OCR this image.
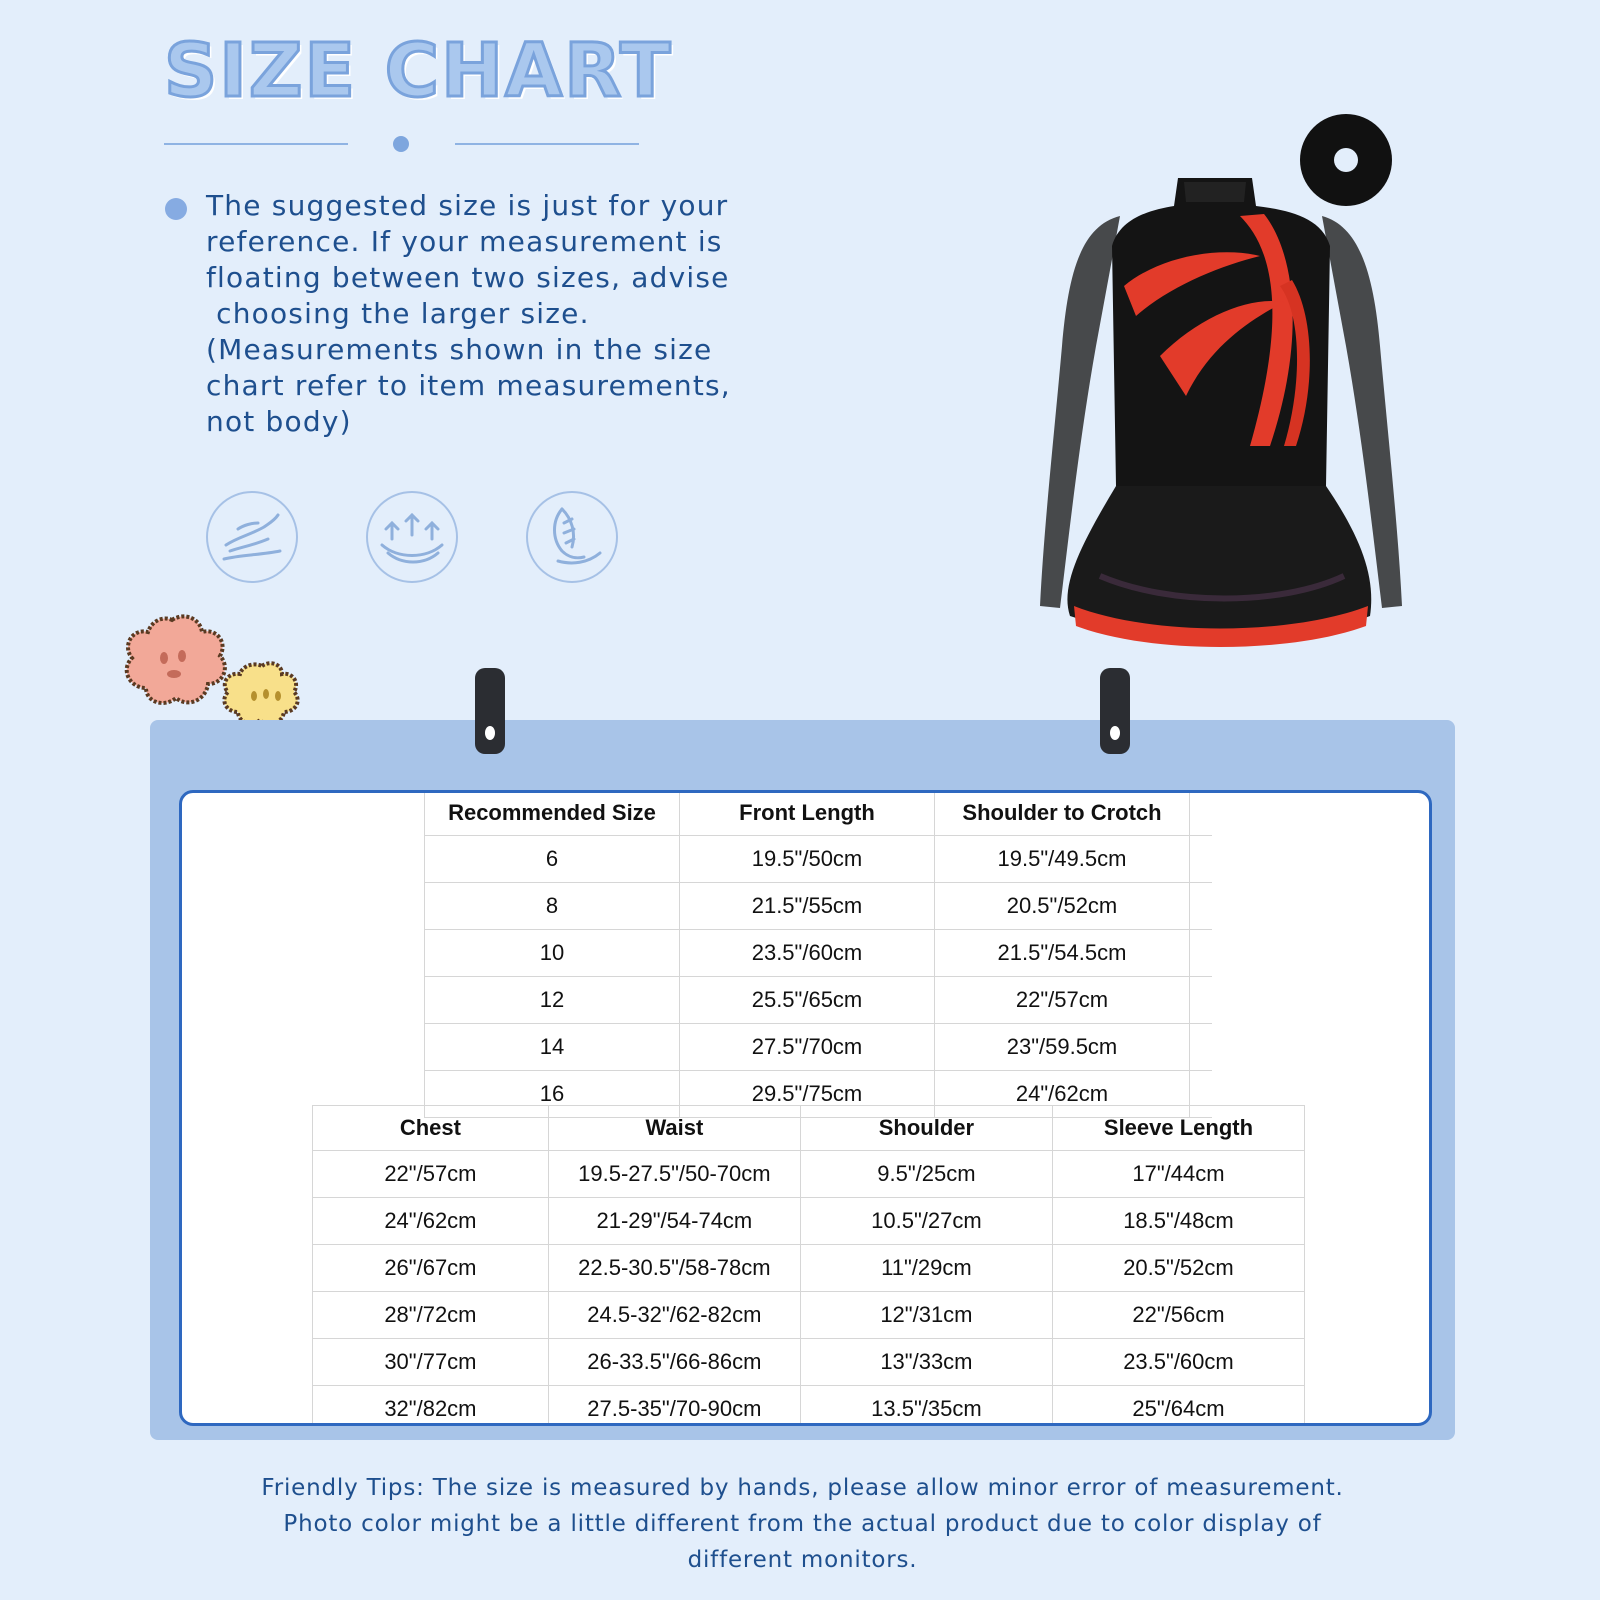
SIZE CHART

The suggested size is just for your
reference. If your measurement is
floating between two sizes, advise
choosing the larger size.
(Measurements shown in the size
chart refer to item measurements,
not body)

Recommended Size	Front Length	Shoulder to Crotch	
6	19.5"/50cm	19.5"/49.5cm	
8	21.5"/55cm	20.5"/52cm	
10	23.5"/60cm	21.5"/54.5cm	
12	25.5"/65cm	22"/57cm	
14	27.5"/70cm	23"/59.5cm	
16	29.5"/75cm	24"/62cm	
Chest	Waist	Shoulder	Sleeve Length
22"/57cm	19.5-27.5"/50-70cm	9.5"/25cm	17"/44cm
24"/62cm	21-29"/54-74cm	10.5"/27cm	18.5"/48cm
26"/67cm	22.5-30.5"/58-78cm	11"/29cm	20.5"/52cm
28"/72cm	24.5-32"/62-82cm	12"/31cm	22"/56cm
30"/77cm	26-33.5"/66-86cm	13"/33cm	23.5"/60cm
32"/82cm	27.5-35"/70-90cm	13.5"/35cm	25"/64cm
Friendly Tips: The size is measured by hands, please allow minor error of measurement.
Photo color might be a little different from the actual product due to color display of
different monitors.
